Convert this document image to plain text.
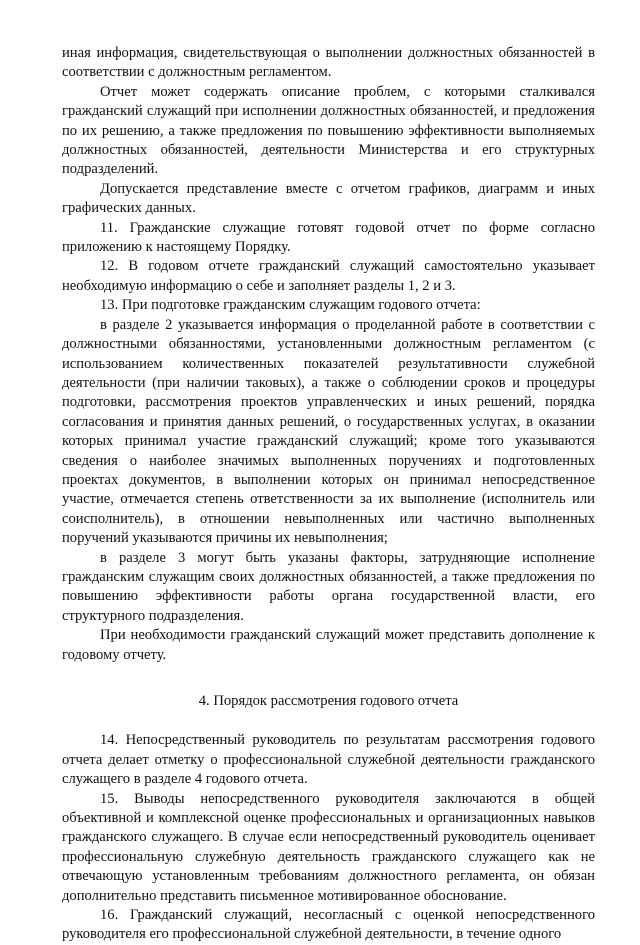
иная информация, свидетельствующая о выполнении должностных обязанностей в соответствии с должностным регламентом.

Отчет может содержать описание проблем, с которыми сталкивался гражданский служащий при исполнении должностных обязанностей, и предложения по их решению, а также предложения по повышению эффективности выполняемых должностных обязанностей, деятельности Министерства и его структурных подразделений.

Допускается представление вместе с отчетом графиков, диаграмм и иных графических данных.

11. Гражданские служащие готовят годовой отчет по форме согласно приложению к настоящему Порядку.

12. В годовом отчете гражданский служащий самостоятельно указывает необходимую информацию о себе и заполняет разделы 1, 2 и 3.

13. При подготовке гражданским служащим годового отчета:

в разделе 2 указывается информация о проделанной работе в соответствии с должностными обязанностями, установленными должностным регламентом (с использованием количественных показателей результативности служебной деятельности (при наличии таковых), а также о соблюдении сроков и процедуры подготовки, рассмотрения проектов управленческих и иных решений, порядка согласования и принятия данных решений, о государственных услугах, в оказании которых принимал участие гражданский служащий; кроме того указываются сведения о наиболее значимых выполненных поручениях и подготовленных проектах документов, в выполнении которых он принимал непосредственное участие, отмечается степень ответственности за их выполнение (исполнитель или соисполнитель), в отношении невыполненных или частично выполненных поручений указываются причины их невыполнения;

в разделе 3 могут быть указаны факторы, затрудняющие исполнение гражданским служащим своих должностных обязанностей, а также предложения по повышению эффективности работы органа государственной власти, его структурного подразделения.

При необходимости гражданский служащий может представить дополнение к годовому отчету.

4. Порядок рассмотрения годового отчета

14. Непосредственный руководитель по результатам рассмотрения годового отчета делает отметку о профессиональной служебной деятельности гражданского служащего в разделе 4 годового отчета.

15. Выводы непосредственного руководителя заключаются в общей объективной и комплексной оценке профессиональных и организационных навыков гражданского служащего. В случае если непосредственный руководитель оценивает профессиональную служебную деятельность гражданского служащего как не отвечающую установленным требованиям должностного регламента, он обязан дополнительно представить письменное мотивированное обоснование.

16. Гражданский служащий, несогласный с оценкой непосредственного руководителя его профессиональной служебной деятельности, в течение одного
